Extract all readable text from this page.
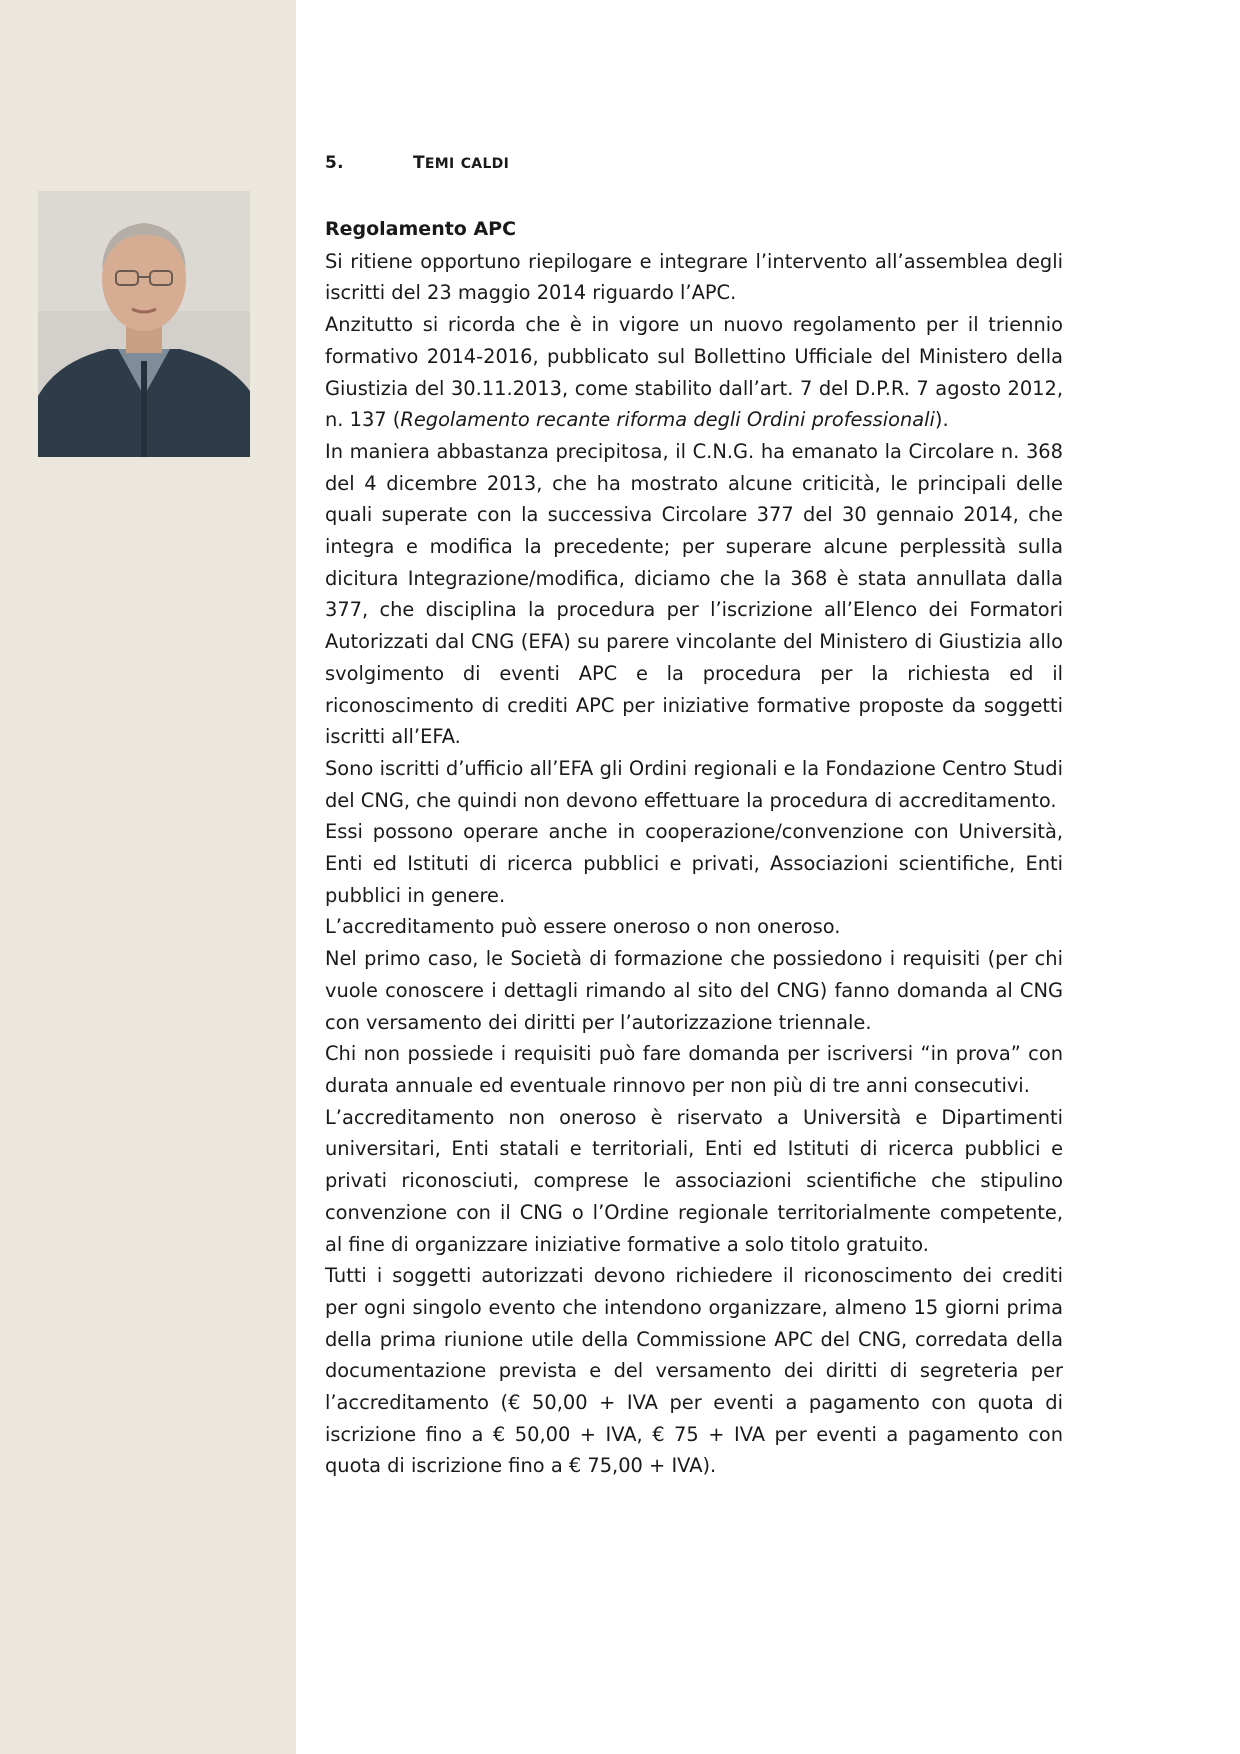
5.	TEMI CALDI

Regolamento APC

Si ritiene opportuno riepilogare e integrare l’intervento all’assemblea degli iscritti del 23 maggio 2014 riguardo l’APC.

Anzitutto si ricorda che è in vigore un nuovo regolamento per il triennio formativo 2014-2016, pubblicato sul Bollettino Ufficiale del Ministero della Giustizia del 30.11.2013, come stabilito dall’art. 7 del D.P.R. 7 agosto 2012, n. 137 (Regolamento recante riforma degli Ordini professionali).

In maniera abbastanza precipitosa, il C.N.G. ha emanato la Circolare n. 368 del 4 dicembre 2013, che ha mostrato alcune criticità, le principali delle quali superate con la successiva Circolare 377 del 30 gennaio 2014, che integra e modifica la precedente; per superare alcune perplessità sulla dicitura Integrazione/modifica, diciamo che la 368 è stata annullata dalla 377, che disciplina la procedura per l’iscrizione all’Elenco dei Formatori Autorizzati dal CNG (EFA) su parere vincolante del Ministero di Giustizia allo svolgimento di eventi APC e la procedura per la richiesta ed il riconoscimento di crediti APC per iniziative formative proposte da soggetti iscritti all’EFA.

Sono iscritti d’ufficio all’EFA gli Ordini regionali e la Fondazione Centro Studi del CNG, che quindi non devono effettuare la procedura di accreditamento.

Essi possono operare anche in cooperazione/convenzione con Università, Enti ed Istituti di ricerca pubblici e privati, Associazioni scientifiche, Enti pubblici in genere.

L’accreditamento può essere oneroso o non oneroso.

Nel primo caso, le Società di formazione che possiedono i requisiti (per chi vuole conoscere i dettagli rimando al sito del CNG) fanno domanda al CNG con versamento dei diritti per l’autorizzazione triennale.

Chi non possiede i requisiti può fare domanda per iscriversi “in prova” con durata annuale ed eventuale rinnovo per non più di tre anni consecutivi.

L’accreditamento non oneroso è riservato a Università e Dipartimenti universitari, Enti statali e territoriali, Enti ed Istituti di ricerca pubblici e privati riconosciuti, comprese le associazioni scientifiche che stipulino convenzione con il CNG o l’Ordine regionale territorialmente competente, al fine di organizzare iniziative formative a solo titolo gratuito.

Tutti i soggetti autorizzati devono richiedere il riconoscimento dei crediti per ogni singolo evento che intendono organizzare, almeno 15 giorni prima della prima riunione utile della Commissione APC del CNG, corredata della documentazione prevista e del versamento dei diritti di segreteria per l’accreditamento (€ 50,00 + IVA per eventi a pagamento con quota di iscrizione fino a € 50,00 + IVA, € 75 + IVA per eventi a pagamento con quota di iscrizione fino a € 75,00 + IVA).
